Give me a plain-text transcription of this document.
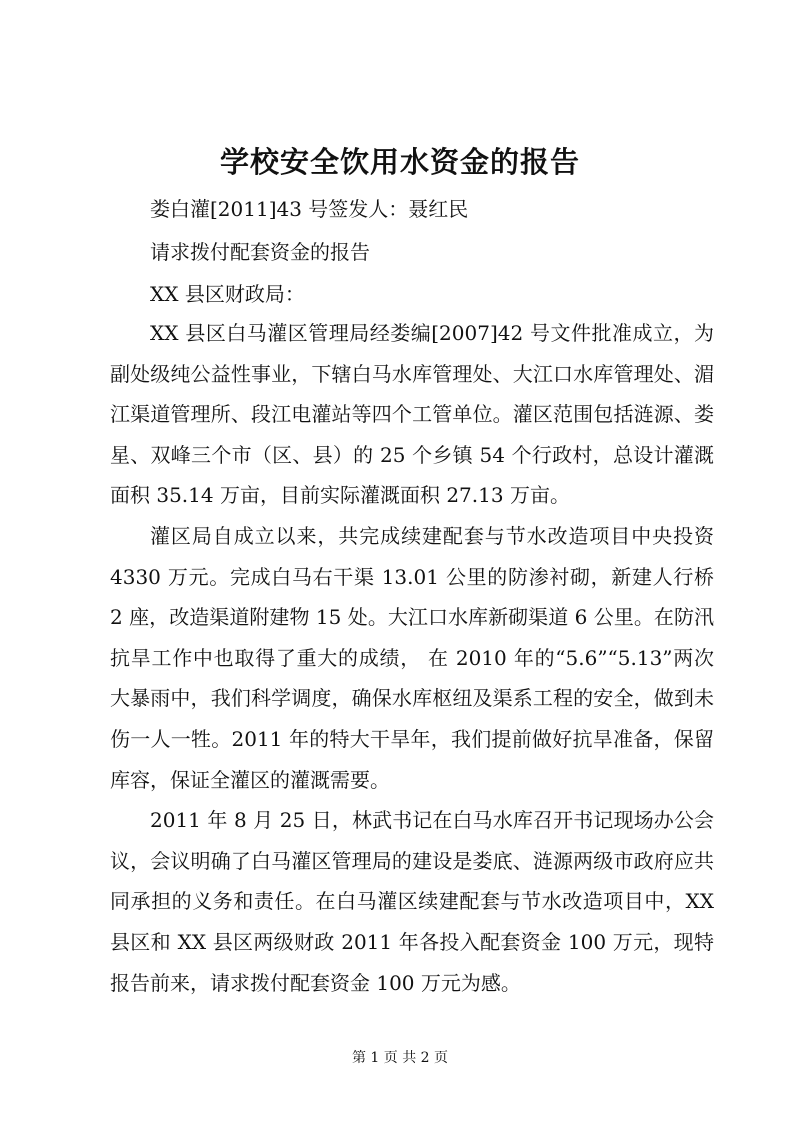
学校安全饮用水资金的报告

娄白灌[2011]43 号签发人：聂红民

请求拨付配套资金的报告

XX 县区财政局：

XX 县区白马灌区管理局经娄编[2007]42 号文件批准成立，为副处级纯公益性事业，下辖白马水库管理处、大江口水库管理处、湄江渠道管理所、段江电灌站等四个工管单位。灌区范围包括涟源、娄星、双峰三个市（区、县）的 25 个乡镇 54 个行政村，总设计灌溉面积 35.14 万亩，目前实际灌溉面积 27.13 万亩。

灌区局自成立以来，共完成续建配套与节水改造项目中央投资 4330 万元。完成白马右干渠 13.01 公里的防渗衬砌，新建人行桥 2 座，改造渠道附建物 15 处。大江口水库新砌渠道 6 公里。在防汛抗旱工作中也取得了重大的成绩， 在 2010 年的“5.6”“5.13”两次大暴雨中，我们科学调度，确保水库枢纽及渠系工程的安全，做到未伤一人一牲。2011 年的特大干旱年，我们提前做好抗旱准备，保留库容，保证全灌区的灌溉需要。

2011 年 8 月 25 日，林武书记在白马水库召开书记现场办公会议，会议明确了白马灌区管理局的建设是娄底、涟源两级市政府应共同承担的义务和责任。在白马灌区续建配套与节水改造项目中，XX 县区和 XX 县区两级财政 2011 年各投入配套资金 100 万元，现特报告前来，请求拨付配套资金 100 万元为感。

第 1 页 共 2 页
